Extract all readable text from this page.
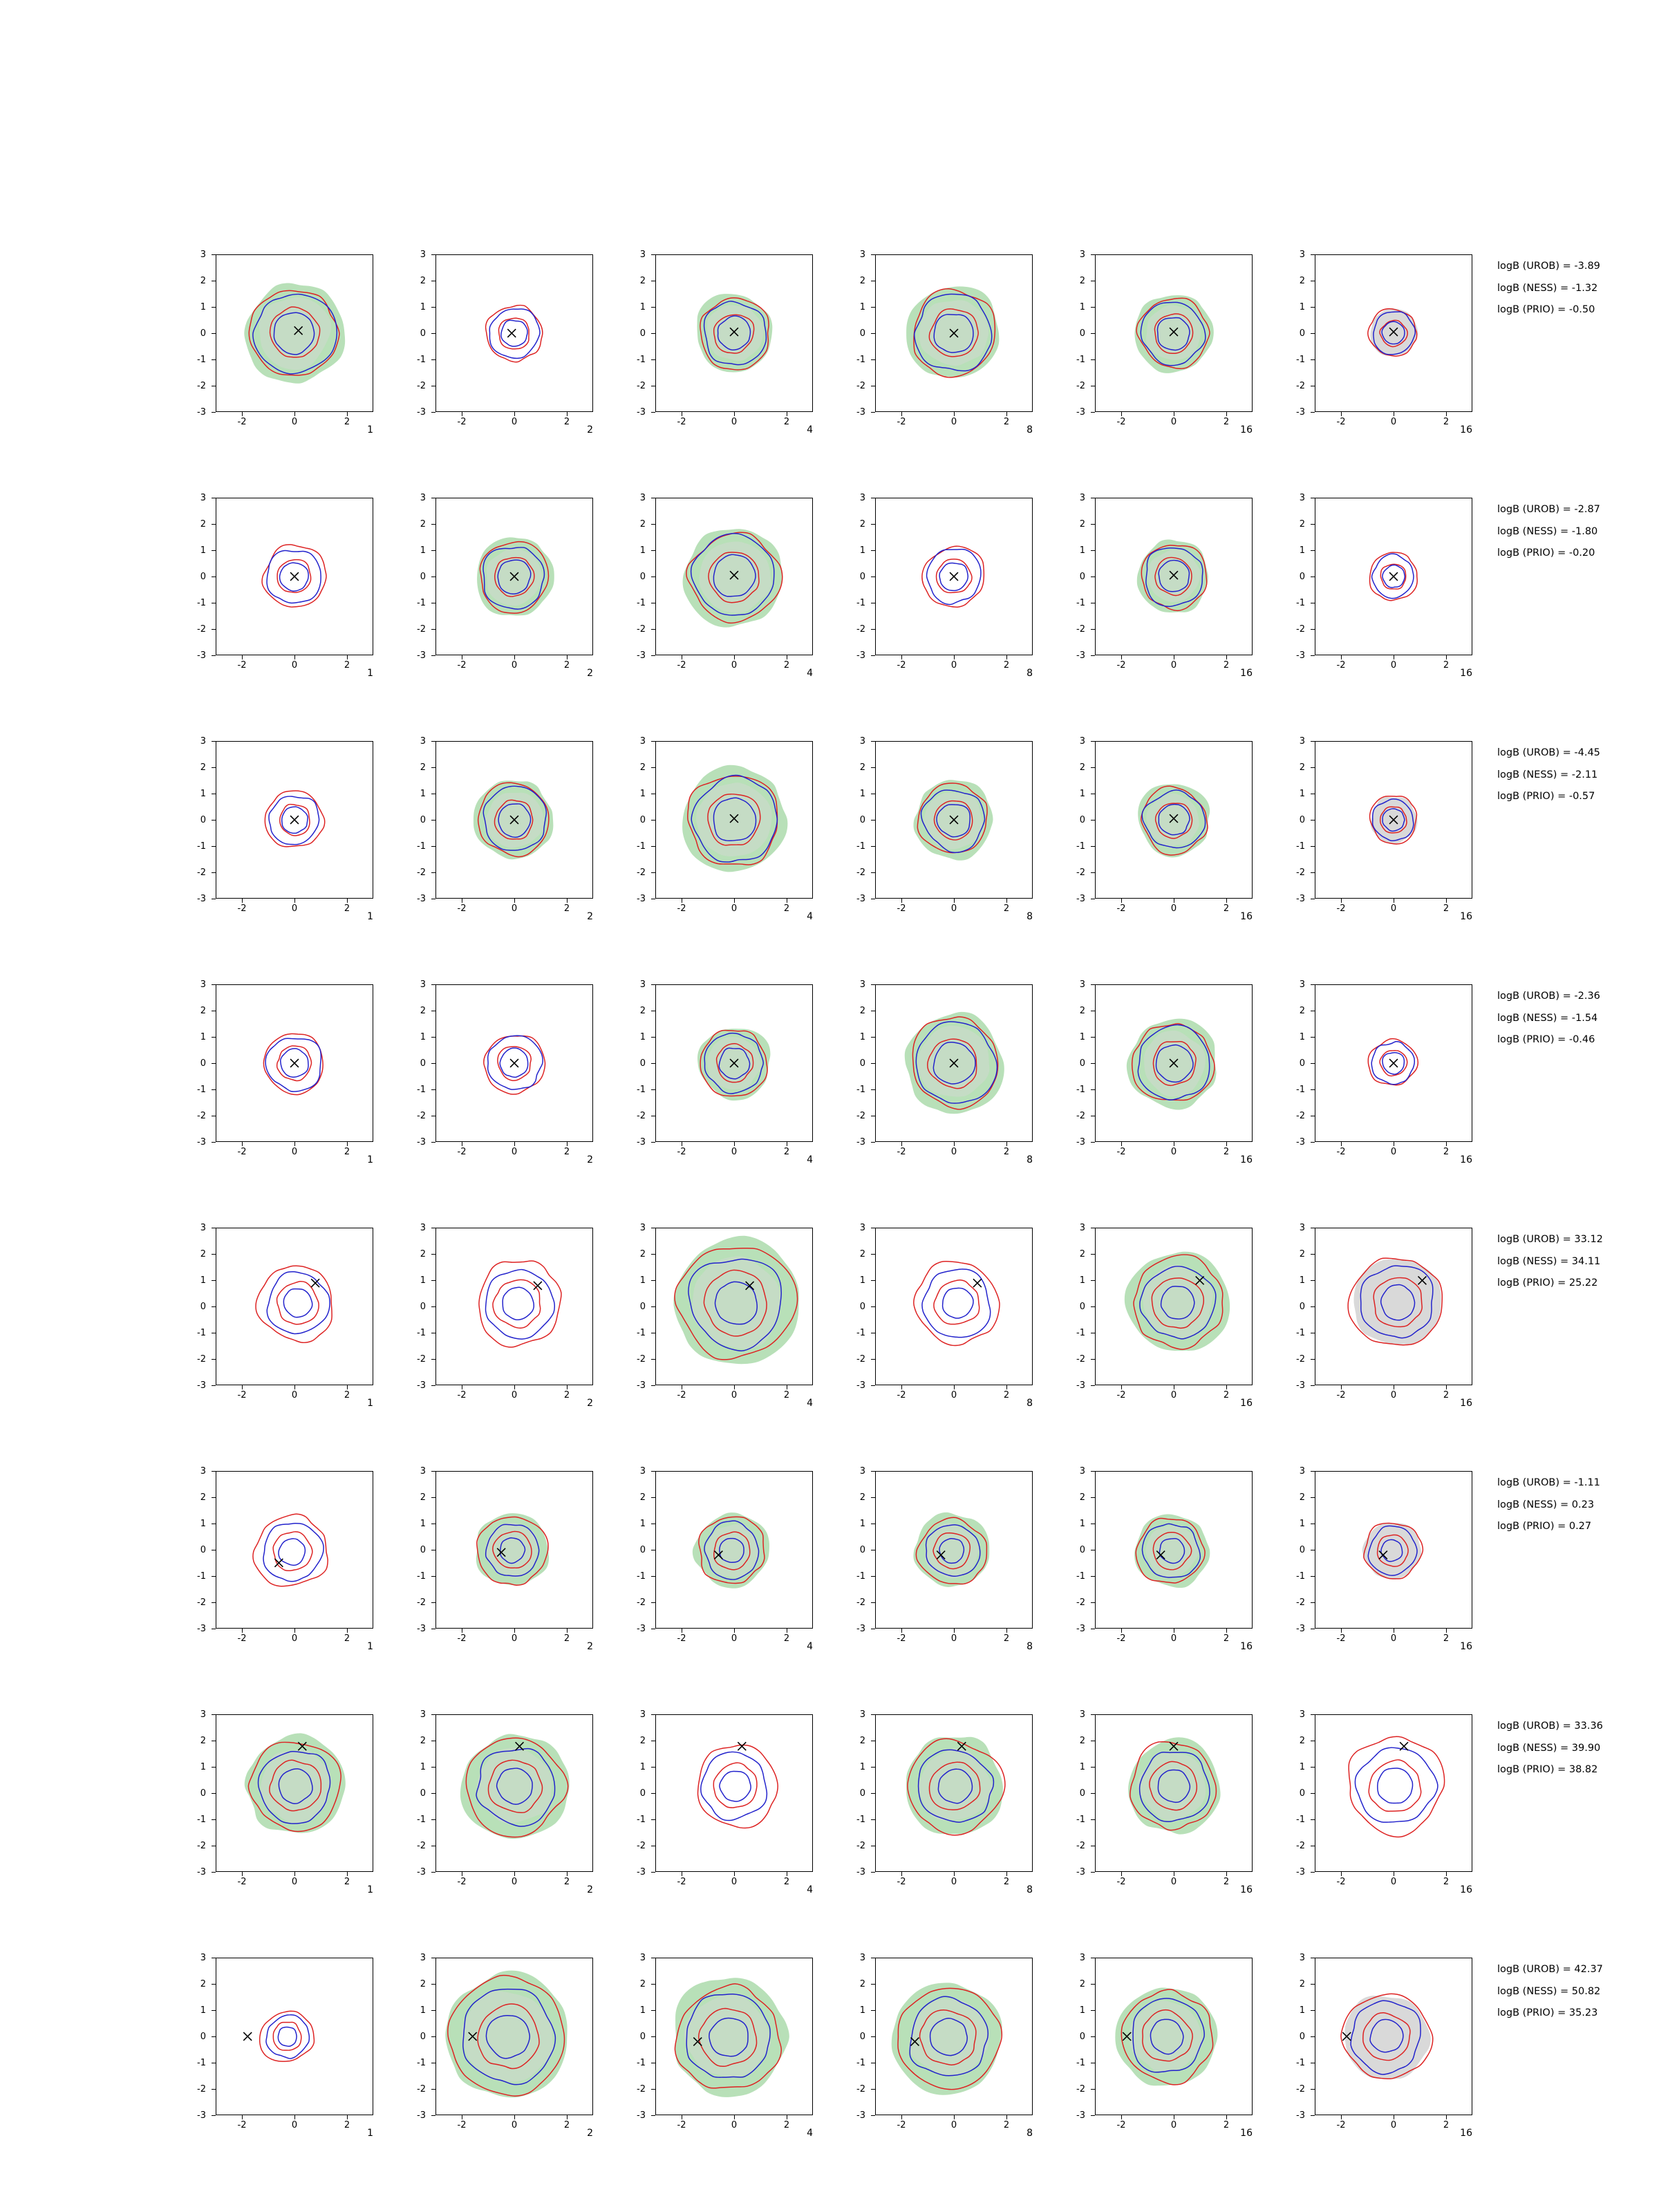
-3
-2
-1
0
1
2
3
-2	0	2
1
-3
-2
-1
0
1
2
3
-2	0	2
2
-3
-2
-1
0
1
2
3
-2	0	2
4
-3
-2
-1
0
1
2
3
-2	0	2
8
-3
-2
-1
0
1
2
3
-2	0	2
16
-3
-2
-1
0
1
2
3
-2	0	2
16
logB (UROB) = -3.89
logB (NESS) = -1.32
logB (PRIO) = -0.50
-3
-2
-1
0
1
2
3
-2	0	2
1
-3
-2
-1
0
1
2
3
-2	0	2
2
-3
-2
-1
0
1
2
3
-2	0	2
4
-3
-2
-1
0
1
2
3
-2	0	2
8
-3
-2
-1
0
1
2
3
-2	0	2
16
-3
-2
-1
0
1
2
3
-2	0	2
16
logB (UROB) = -2.87
logB (NESS) = -1.80
logB (PRIO) = -0.20
-3
-2
-1
0
1
2
3
-2	0	2
1
-3
-2
-1
0
1
2
3
-2	0	2
2
-3
-2
-1
0
1
2
3
-2	0	2
4
-3
-2
-1
0
1
2
3
-2	0	2
8
-3
-2
-1
0
1
2
3
-2	0	2
16
-3
-2
-1
0
1
2
3
-2	0	2
16
logB (UROB) = -4.45
logB (NESS) = -2.11
logB (PRIO) = -0.57
-3
-2
-1
0
1
2
3
-2	0	2
1
-3
-2
-1
0
1
2
3
-2	0	2
2
-3
-2
-1
0
1
2
3
-2	0	2
4
-3
-2
-1
0
1
2
3
-2	0	2
8
-3
-2
-1
0
1
2
3
-2	0	2
16
-3
-2
-1
0
1
2
3
-2	0	2
16
logB (UROB) = -2.36
logB (NESS) = -1.54
logB (PRIO) = -0.46
-3
-2
-1
0
1
2
3
-2	0	2
1
-3
-2
-1
0
1
2
3
-2	0	2
2
-3
-2
-1
0
1
2
3
-2	0	2
4
-3
-2
-1
0
1
2
3
-2	0	2
8
-3
-2
-1
0
1
2
3
-2	0	2
16
-3
-2
-1
0
1
2
3
-2	0	2
16
logB (UROB) = 33.12
logB (NESS) = 34.11
logB (PRIO) = 25.22
-3
-2
-1
0
1
2
3
-2	0	2
1
-3
-2
-1
0
1
2
3
-2	0	2
2
-3
-2
-1
0
1
2
3
-2	0	2
4
-3
-2
-1
0
1
2
3
-2	0	2
8
-3
-2
-1
0
1
2
3
-2	0	2
16
-3
-2
-1
0
1
2
3
-2	0	2
16
logB (UROB) = -1.11
logB (NESS) = 0.23
logB (PRIO) = 0.27
-3
-2
-1
0
1
2
3
-2	0	2
1
-3
-2
-1
0
1
2
3
-2	0	2
2
-3
-2
-1
0
1
2
3
-2	0	2
4
-3
-2
-1
0
1
2
3
-2	0	2
8
-3
-2
-1
0
1
2
3
-2	0	2
16
-3
-2
-1
0
1
2
3
-2	0	2
16
logB (UROB) = 33.36
logB (NESS) = 39.90
logB (PRIO) = 38.82
-3
-2
-1
0
1
2
3
-2	0	2
1
-3
-2
-1
0
1
2
3
-2	0	2
2
-3
-2
-1
0
1
2
3
-2	0	2
4
-3
-2
-1
0
1
2
3
-2	0	2
8
-3
-2
-1
0
1
2
3
-2	0	2
16
-3
-2
-1
0
1
2
3
-2	0	2
16
logB (UROB) = 42.37
logB (NESS) = 50.82
logB (PRIO) = 35.23
